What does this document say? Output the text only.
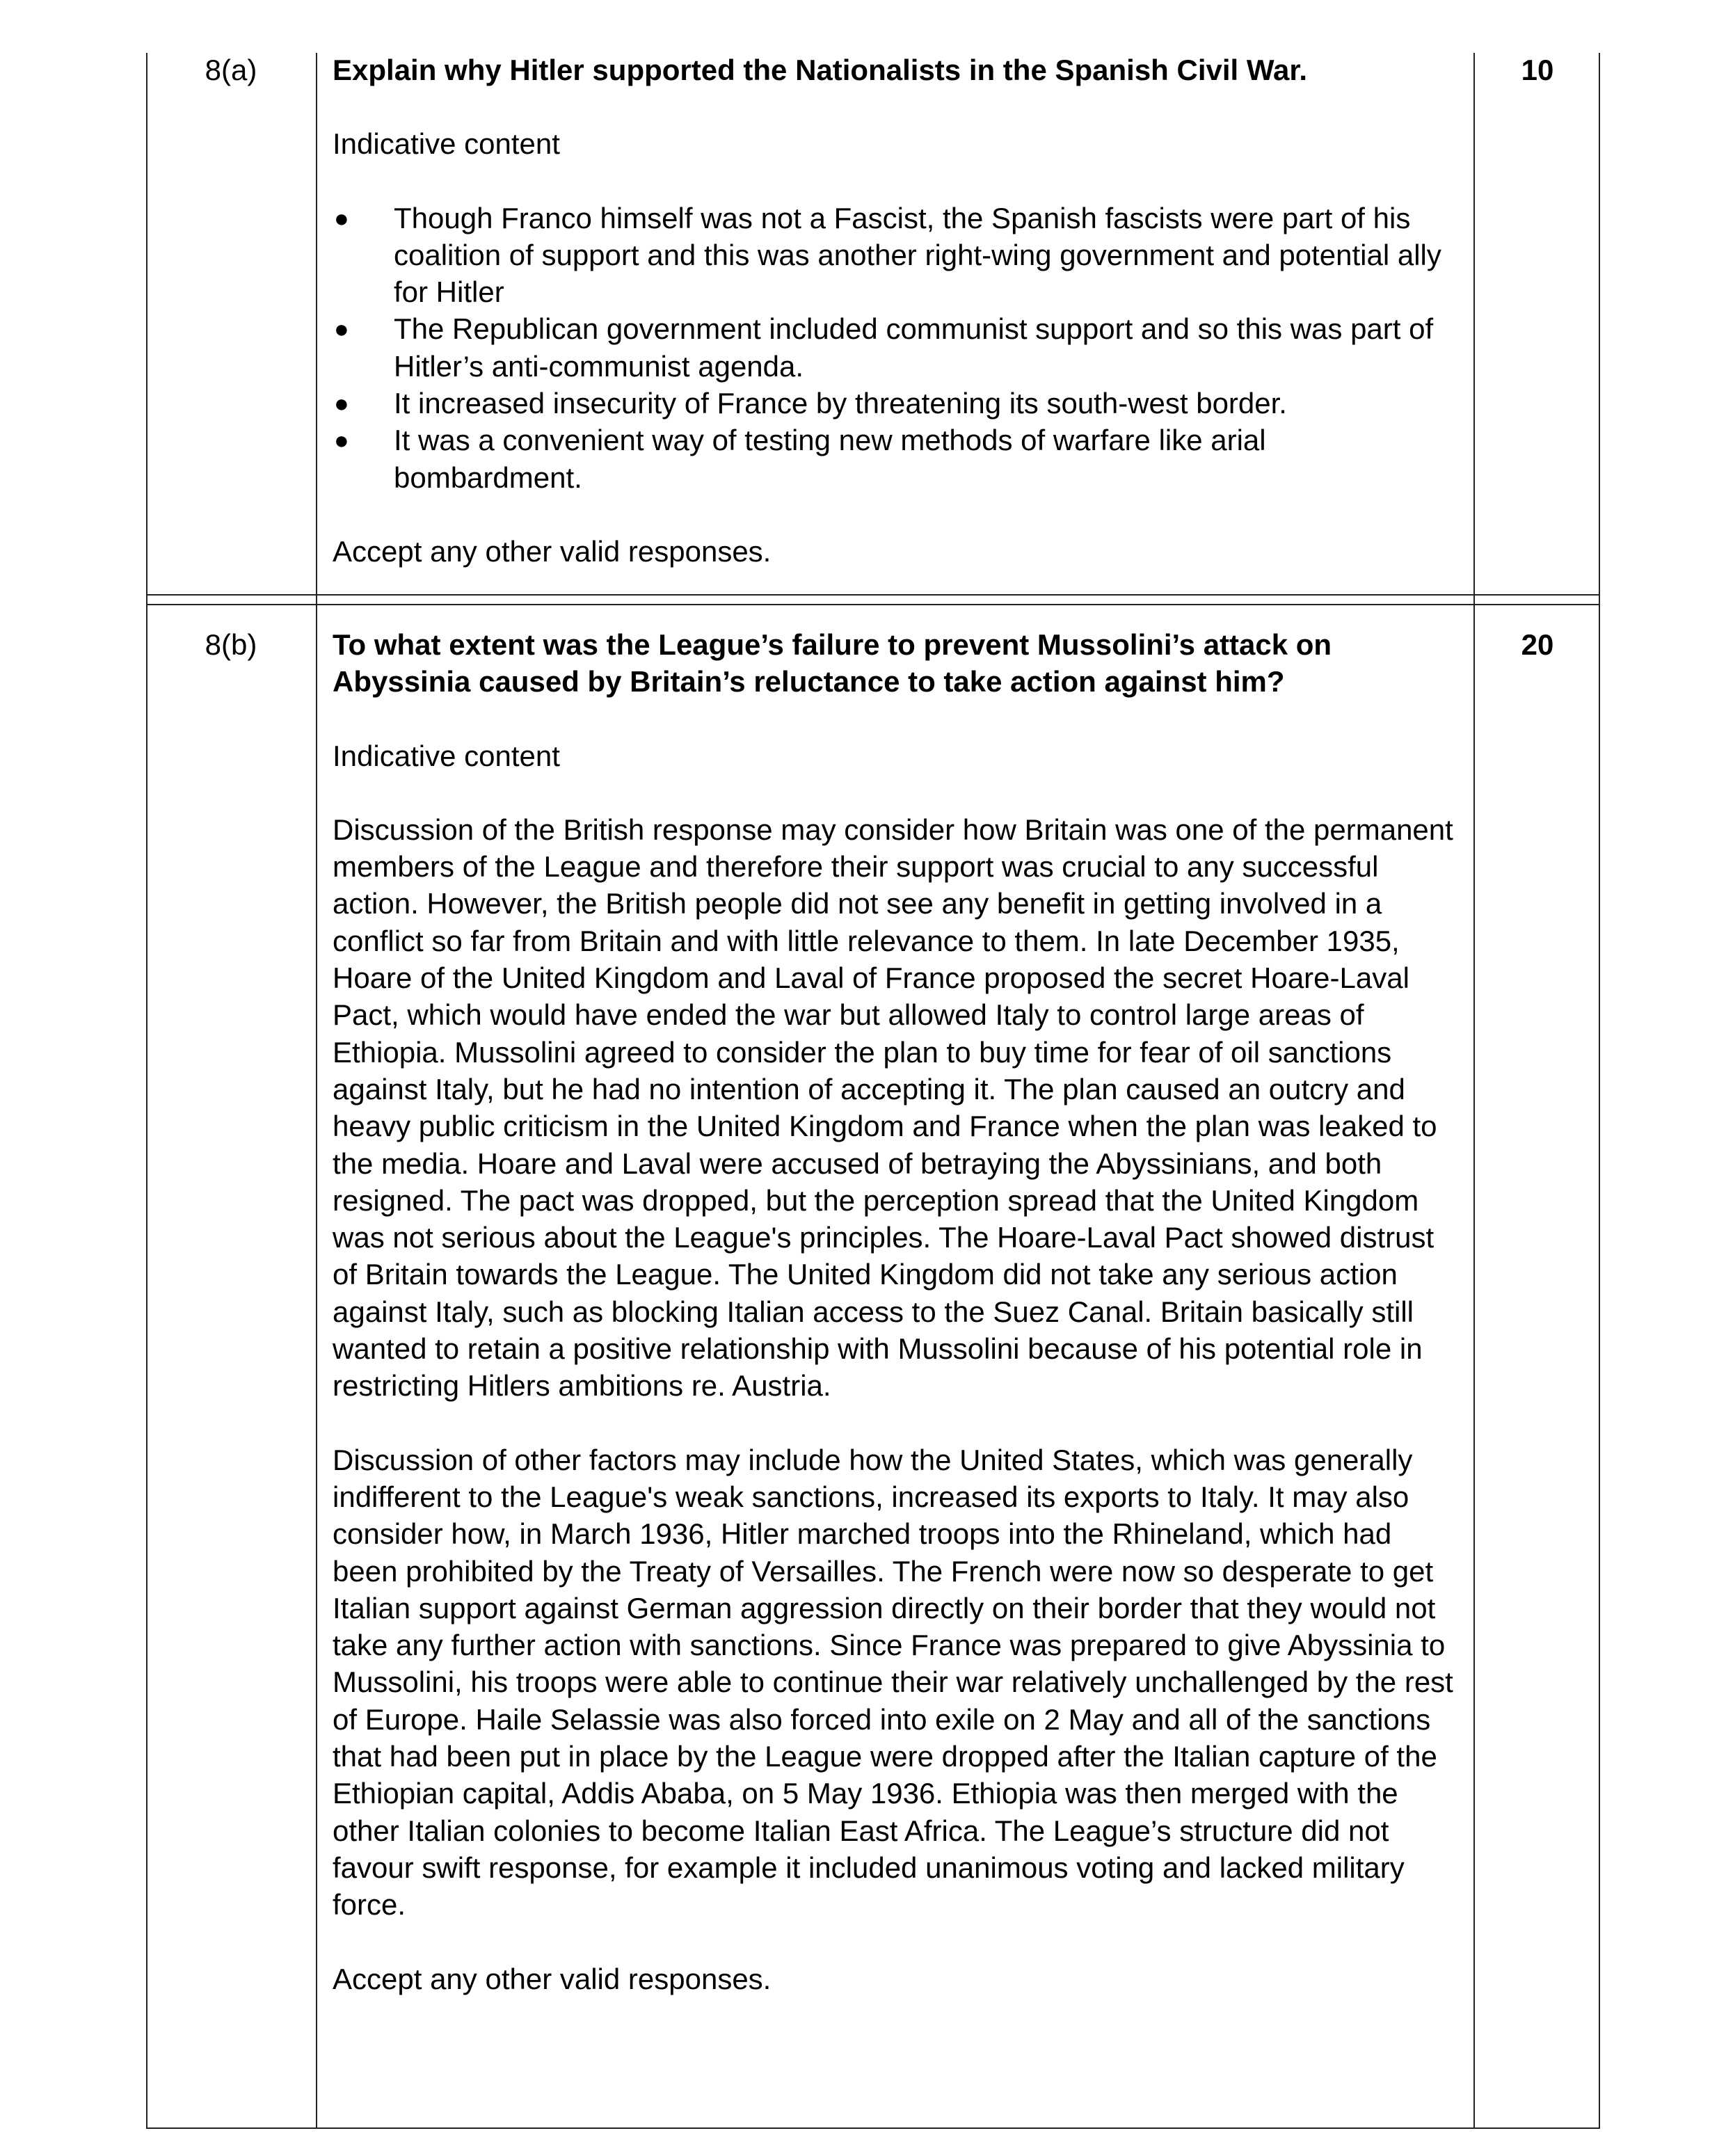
8(a)	10

Explain why Hitler supported the Nationalists in the Spanish Civil War.

Indicative content

● Though Franco himself was not a Fascist, the Spanish fascists were part of his coalition of support and this was another right-wing government and potential ally for Hitler
● The Republican government included communist support and so this was part of Hitler’s anti-communist agenda.
● It increased insecurity of France by threatening its south-west border.
● It was a convenient way of testing new methods of warfare like arial bombardment.

Accept any other valid responses.

8(b)	20

To what extent was the League’s failure to prevent Mussolini’s attack on Abyssinia caused by Britain’s reluctance to take action against him?

Indicative content

Discussion of the British response may consider how Britain was one of the permanent members of the League and therefore their support was crucial to any successful action. However, the British people did not see any benefit in getting involved in a conflict so far from Britain and with little relevance to them. In late December 1935, Hoare of the United Kingdom and Laval of France proposed the secret Hoare-Laval Pact, which would have ended the war but allowed Italy to control large areas of Ethiopia. Mussolini agreed to consider the plan to buy time for fear of oil sanctions against Italy, but he had no intention of accepting it. The plan caused an outcry and heavy public criticism in the United Kingdom and France when the plan was leaked to the media. Hoare and Laval were accused of betraying the Abyssinians, and both resigned. The pact was dropped, but the perception spread that the United Kingdom was not serious about the League's principles. The Hoare-Laval Pact showed distrust of Britain towards the League. The United Kingdom did not take any serious action against Italy, such as blocking Italian access to the Suez Canal. Britain basically still wanted to retain a positive relationship with Mussolini because of his potential role in restricting Hitlers ambitions re. Austria.

Discussion of other factors may include how the United States, which was generally indifferent to the League's weak sanctions, increased its exports to Italy. It may also consider how, in March 1936, Hitler marched troops into the Rhineland, which had been prohibited by the Treaty of Versailles. The French were now so desperate to get Italian support against German aggression directly on their border that they would not take any further action with sanctions. Since France was prepared to give Abyssinia to Mussolini, his troops were able to continue their war relatively unchallenged by the rest of Europe. Haile Selassie was also forced into exile on 2 May and all of the sanctions that had been put in place by the League were dropped after the Italian capture of the Ethiopian capital, Addis Ababa, on 5 May 1936. Ethiopia was then merged with the other Italian colonies to become Italian East Africa. The League’s structure did not favour swift response, for example it included unanimous voting and lacked military force.

Accept any other valid responses.
